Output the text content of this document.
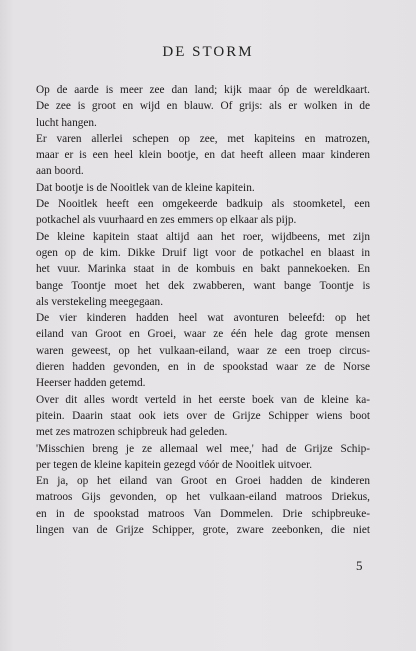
DE STORM
Op de aarde is meer zee dan land; kijk maar óp de wereldkaart.
De zee is groot en wijd en blauw. Of grijs: als er wolken in de
lucht hangen.
Er varen allerlei schepen op zee, met kapiteins en matrozen,
maar er is een heel klein bootje, en dat heeft alleen maar kinderen
aan boord.
Dat bootje is de Nooitlek van de kleine kapitein.
De Nooitlek heeft een omgekeerde badkuip als stoomketel, een
potkachel als vuurhaard en zes emmers op elkaar als pijp.
De kleine kapitein staat altijd aan het roer, wijdbeens, met zijn
ogen op de kim. Dikke Druif ligt voor de potkachel en blaast in
het vuur. Marinka staat in de kombuis en bakt pannekoeken. En
bange Toontje moet het dek zwabberen, want bange Toontje is
als verstekeling meegegaan.
De vier kinderen hadden heel wat avonturen beleefd: op het
eiland van Groot en Groei, waar ze één hele dag grote mensen
waren geweest, op het vulkaan-eiland, waar ze een troep circus-
dieren hadden gevonden, en in de spookstad waar ze de Norse
Heerser hadden getemd.
Over dit alles wordt verteld in het eerste boek van de kleine ka-
pitein. Daarin staat ook iets over de Grijze Schipper wiens boot
met zes matrozen schipbreuk had geleden.
'Misschien breng je ze allemaal wel mee,' had de Grijze Schip-
per tegen de kleine kapitein gezegd vóór de Nooitlek uitvoer.
En ja, op het eiland van Groot en Groei hadden de kinderen
matroos Gijs gevonden, op het vulkaan-eiland matroos Driekus,
en in de spookstad matroos Van Dommelen. Drie schipbreuke-
lingen van de Grijze Schipper, grote, zware zeebonken, die niet
5
